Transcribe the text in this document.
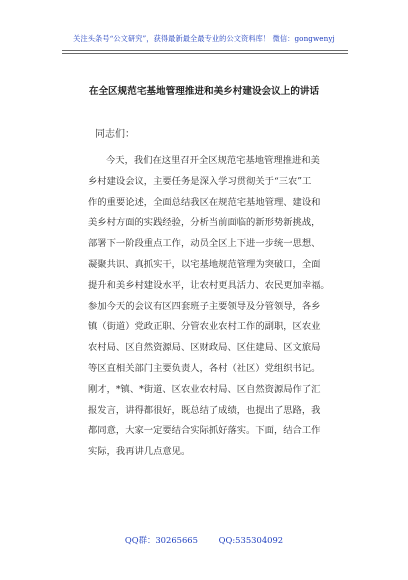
关注头条号“公文研究”，获得最新最全最专业的公文资料库！ 微信：gongwenyj
在全区规范宅基地管理推进和美乡村建设会议上的讲话
同志们：
今天，我们在这里召开全区规范宅基地管理推进和美
乡村建设会议，主要任务是深入学习贯彻关于“三农”工
作的重要论述，全面总结我区在规范宅基地管理、建设和
美乡村方面的实践经验，分析当前面临的新形势新挑战，
部署下一阶段重点工作，动员全区上下进一步统一思想、
凝聚共识、真抓实干，以宅基地规范管理为突破口，全面
提升和美乡村建设水平，让农村更具活力、农民更加幸福。
参加今天的会议有区四套班子主要领导及分管领导，各乡
镇（街道）党政正职、分管农业农村工作的副职，区农业
农村局、区自然资源局、区财政局、区住建局、区文旅局
等区直相关部门主要负责人，各村（社区）党组织书记。
刚才，*镇、*街道、区农业农村局、区自然资源局作了汇
报发言，讲得都很好，既总结了成绩，也提出了思路，我
都同意，大家一定要结合实际抓好落实。下面，结合工作
实际，我再讲几点意见。
QQ群：30265665 QQ:535304092
